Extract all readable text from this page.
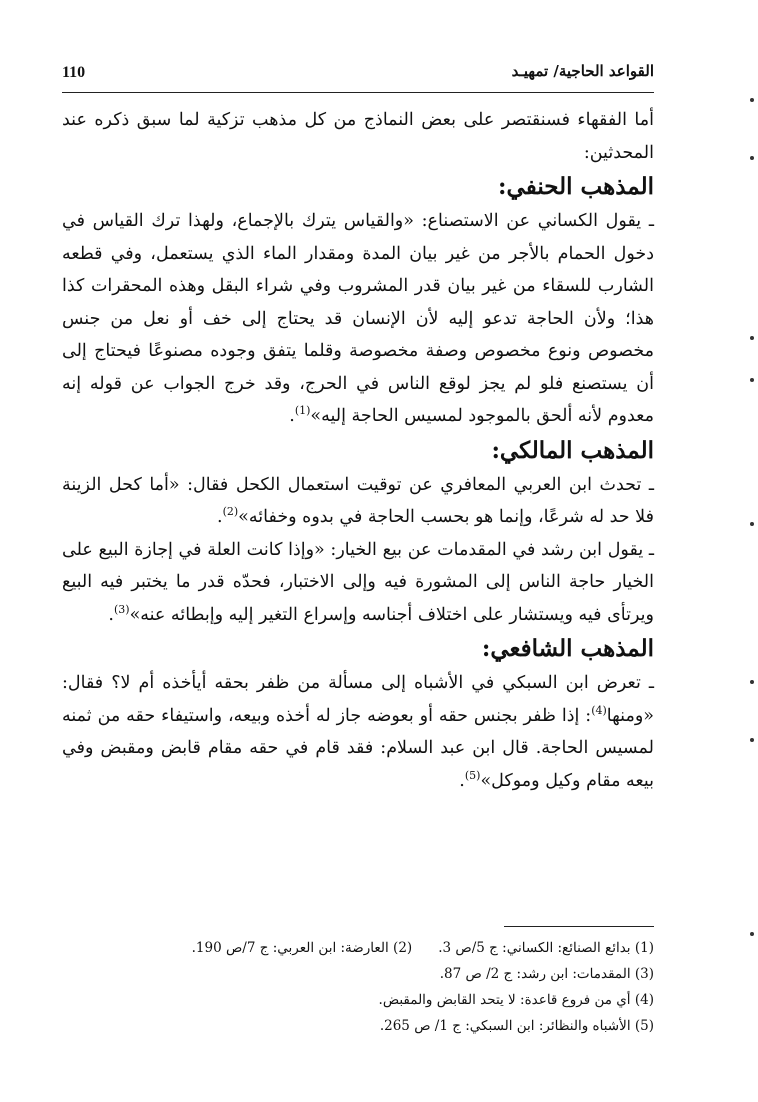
110	القواعد الحاجية/ تمهيـد

أما الفقهاء فسنقتصر على بعض النماذج من كل مذهب تزكية لما سبق ذكره عند المحدثين:

المذهب الحنفي:

ـ يقول الكساني عن الاستصناع: «والقياس يترك بالإجماع، ولهذا ترك القياس في دخول الحمام بالأجر من غير بيان المدة ومقدار الماء الذي يستعمل، وفي قطعه الشارب للسقاء من غير بيان قدر المشروب وفي شراء البقل وهذه المحقرات كذا هذا؛ ولأن الحاجة تدعو إليه لأن الإنسان قد يحتاج إلى خف أو نعل من جنس مخصوص ونوع مخصوص وصفة مخصوصة وقلما يتفق وجوده مصنوعًا فيحتاج إلى أن يستصنع فلو لم يجز لوقع الناس في الحرج، وقد خرج الجواب عن قوله إنه معدوم لأنه ألحق بالموجود لمسيس الحاجة إليه»$^{(1)}$.

المذهب المالكي:

ـ تحدث ابن العربي المعافري عن توقيت استعمال الكحل فقال: «أما كحل الزينة فلا حد له شرعًا، وإنما هو بحسب الحاجة في بدوه وخفائه»$^{(2)}$.

ـ يقول ابن رشد في المقدمات عن بيع الخيار: «وإذا كانت العلة في إجازة البيع على الخيار حاجة الناس إلى المشورة فيه وإلى الاختبار، فحدّه قدر ما يختبر فيه البيع ويرتأى فيه ويستشار على اختلاف أجناسه وإسراع التغير إليه وإبطائه عنه»$^{(3)}$.

المذهب الشافعي:

ـ تعرض ابن السبكي في الأشباه إلى مسألة من ظفر بحقه أيأخذه أم لا؟ فقال: «ومنها$^{(4)}$: إذا ظفر بجنس حقه أو بعوضه جاز له أخذه وبيعه، واستيفاء حقه من ثمنه لمسيس الحاجة. قال ابن عبد السلام: فقد قام في حقه مقام قابض ومقبض وفي بيعه مقام وكيل وموكل»$^{(5)}$.

(1) بدائع الصنائع: الكساني: ج 5/ص 3.(2) العارضة: ابن العربي: ج 7/ص 190.
(3) المقدمات: ابن رشد: ج 2/ ص 87.
(4) أي من فروع قاعدة: لا يتحد القابض والمقبض.
(5) الأشباه والنظائر: ابن السبكي: ج 1/ ص 265.
